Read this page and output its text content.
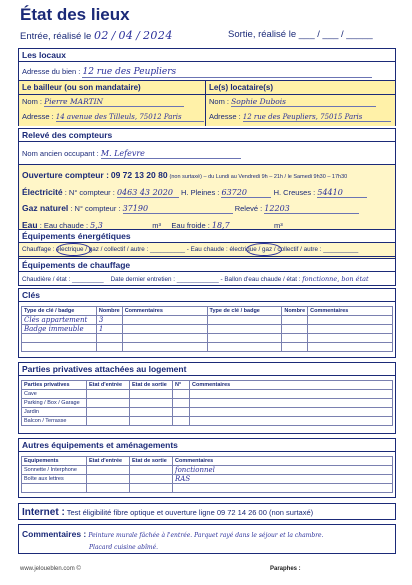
État des lieux
Entrée, réalisé le 02 / 04 / 2024	Sortie, réalisé le ___ / ___ / _____
Les locaux
Adresse du bien : 12 rue des Peupliers
Le bailleur (ou son mandataire)
Nom : Pierre MARTIN
Adresse : 14 avenue des Tilleuls, 75012 Paris
Le(s) locataire(s)
Nom : Sophie Dubois
Adresse : 12 rue des Peupliers, 75015 Paris
Relevé des compteurs
Nom ancien occupant : M. Lefevre
Ouverture compteur : 09 72 13 20 80 (non surtaxé) – du Lundi au Vendredi 9h – 21h / le Samedi 9h30 – 17h30
Électricité : N° compteur : 0463 43 2020 H. Pleines : 63720	H. Creuses : 54410
Gaz naturel : N° compteur : 37190	Relevé : 12203
Eau : Eau chaude : 5,3	m³ Eau froide : 18,7	m³
Équipements énergétiques
Chauffage : électrique / gaz / collectif / autre : __________ - Eau chaude : électrique / gaz / collectif / autre : __________
Équipements de chauffage
Chaudière / état : _________ Date dernier entretien : ____________ - Ballon d'eau chaude / état : fonctionne, bon état
Clés
Type de clé / badge	Nombre	Commentaires	Type de clé / badge	Nombre	Commentaires
Clés appartement	3				
Badge immeuble	1				

Parties privatives attachées au logement
Parties privatives	Etat d'entrée	Etat de sortie	N°	Commentaires
Cave				
Parking / Box / Garage				
Jardin				
Balcon / Terrasse				
Autres équipements et aménagements
Equipements	Etat d'entrée	Etat de sortie	Commentaires
Sonnette / Interphone			fonctionnel
Boîte aux lettres			RAS

Internet : Test éligibilité fibre optique et ouverture ligne 09 72 14 26 00 (non surtaxé)
Commentaires : Peinture murale fâchée à l'entrée. Parquet rayé dans le séjour et la chambre.
Placard cuisine abîmé.
www.jeloueblen.com ©	Paraphes :
